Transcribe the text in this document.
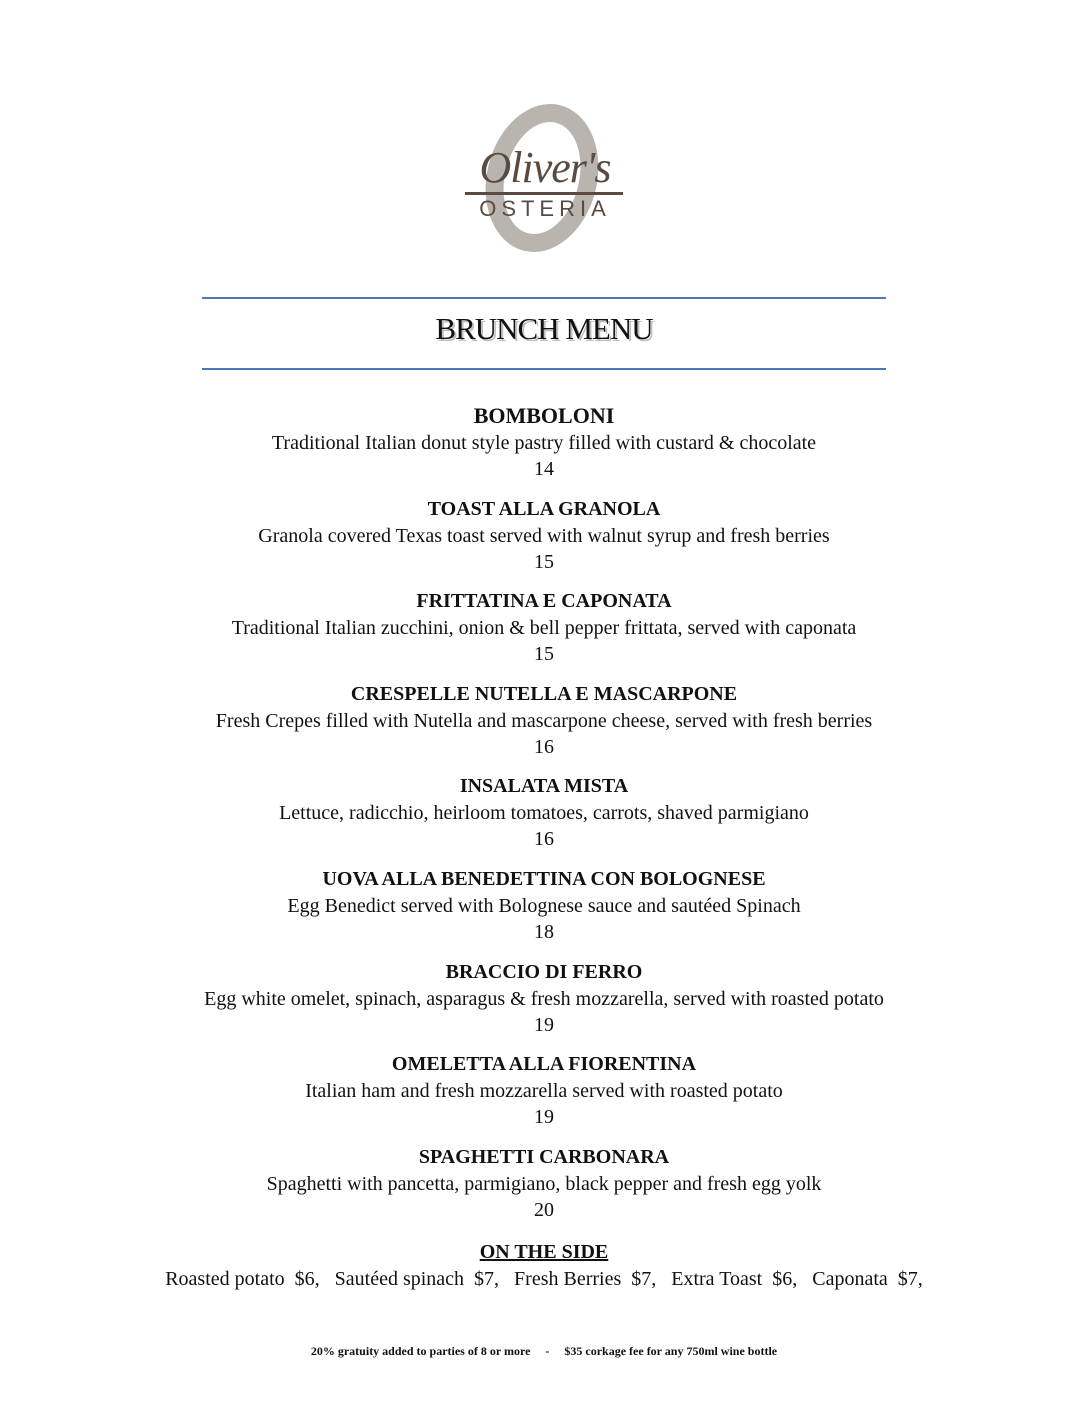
Oliver's
OSTERIA
BRUNCH MENU
BOMBOLONI
Traditional Italian donut style pastry filled with custard & chocolate
14
TOAST ALLA GRANOLA
Granola covered Texas toast served with walnut syrup and fresh berries
15
FRITTATINA E CAPONATA
Traditional Italian zucchini, onion & bell pepper frittata, served with caponata
15
CRESPELLE NUTELLA E MASCARPONE
Fresh Crepes filled with Nutella and mascarpone cheese, served with fresh berries
16
INSALATA MISTA
Lettuce, radicchio, heirloom tomatoes, carrots, shaved parmigiano
16
UOVA ALLA BENEDETTINA CON BOLOGNESE
Egg Benedict served with Bolognese sauce and sautéed Spinach
18
BRACCIO DI FERRO
Egg white omelet, spinach, asparagus & fresh mozzarella, served with roasted potato
19
OMELETTA ALLA FIORENTINA
Italian ham and fresh mozzarella served with roasted potato
19
SPAGHETTI CARBONARA
Spaghetti with pancetta, parmigiano, black pepper and fresh egg yolk
20
ON THE SIDE
Roasted potato  $6,   Sautéed spinach  $7,   Fresh Berries  $7,   Extra Toast  $6,   Caponata  $7,
20% gratuity added to parties of 8 or more     -     $35 corkage fee for any 750ml wine bottle
